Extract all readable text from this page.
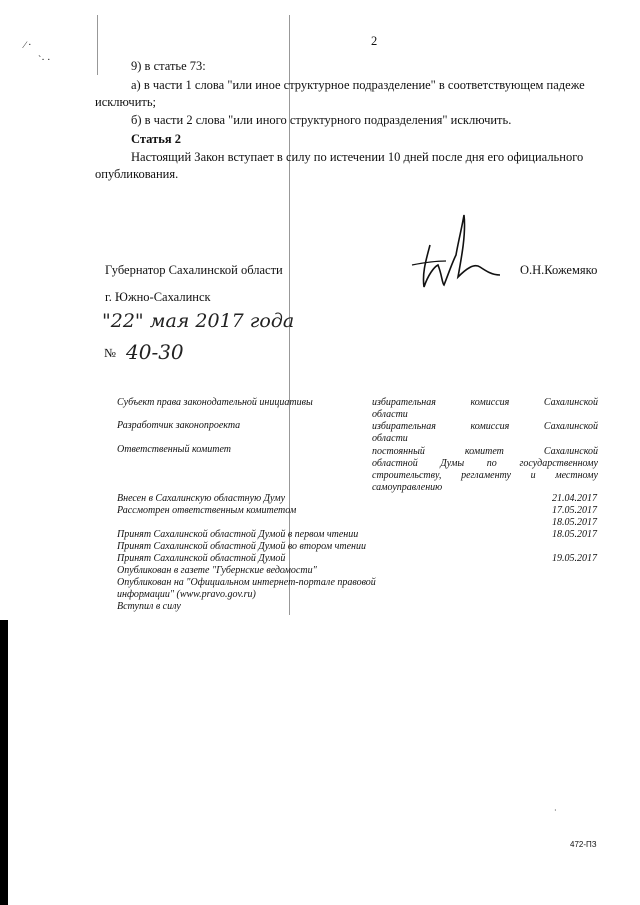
∕ ·
`· ·
2
9) в статье 73:
а) в части 1 слова "или иное структурное подразделение" в соответствующем падеже
исключить;
б) в части 2 слова "или иного структурного подразделения" исключить.
Статья 2
Настоящий Закон вступает в силу по истечении 10 дней после дня его официального
опубликования.
Губернатор Сахалинской области	О.Н.Кожемяко
г. Южно-Сахалинск
"22" мая 2017 года
№ 40-30
Субъект права законодательной инициативы	избирательная комиссия Сахалинской
области
Разработчик законопроекта	избирательная комиссия Сахалинской
области
Ответственный комитет	постоянный комитет Сахалинской
областной Думы по государственному
строительству, регламенту и местному
самоуправлению
Внесен в Сахалинскую областную Думу	21.04.2017
Рассмотрен ответственным комитетом	17.05.2017
18.05.2017
Принят Сахалинской областной Думой в первом чтении	18.05.2017
Принят Сахалинской областной Думой во втором чтении
Принят Сахалинской областной Думой	19.05.2017
Опубликован в газете "Губернские ведомости"
Опубликован на "Официальном интернет-портале правовой
информации" (www.pravo.gov.ru)
Вступил в силу
·
472-ПЗ
